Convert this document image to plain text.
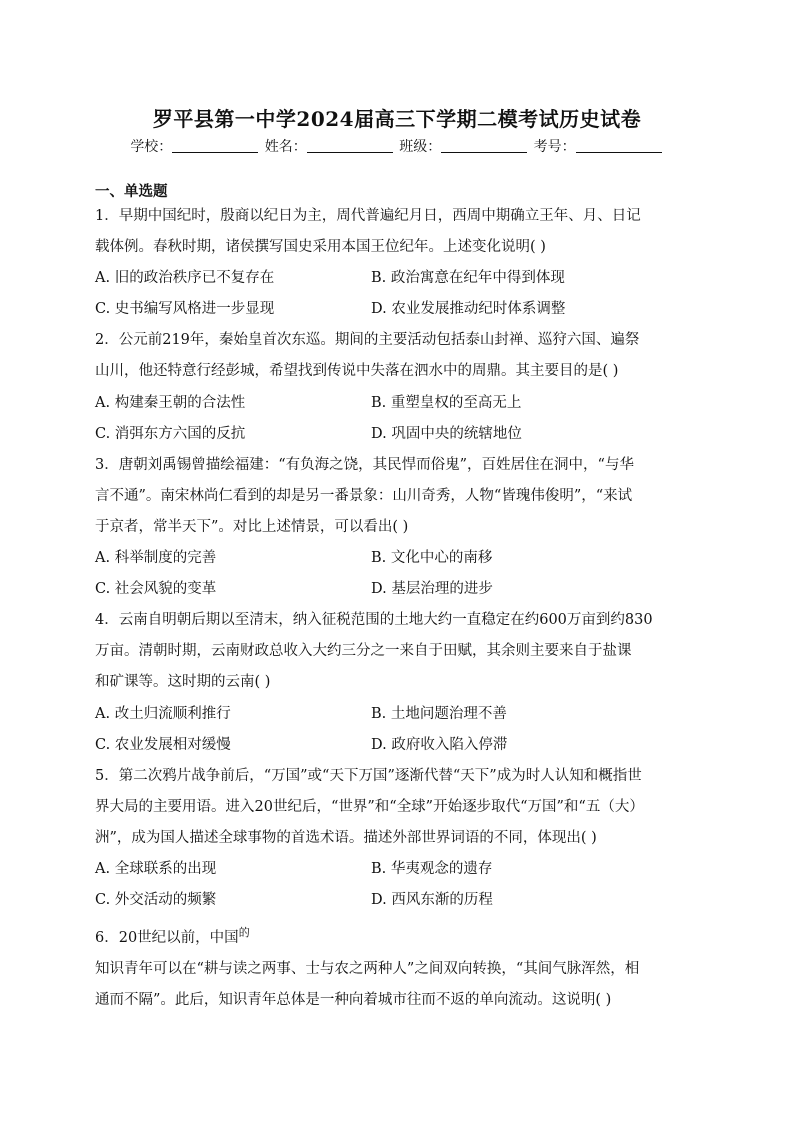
罗平县第一中学2024届高三下学期二模考试历史试卷
学校：	姓名：	班级：	考号：
一、单选题
1．早期中国纪时，殷商以纪日为主，周代普遍纪月日，西周中期确立王年、月、日记
载体例。春秋时期，诸侯撰写国史采用本国王位纪年。上述变化说明( )
A. 旧的政治秩序已不复存在	B. 政治寓意在纪年中得到体现
C. 史书编写风格进一步显现	D. 农业发展推动纪时体系调整
2．公元前219年，秦始皇首次东巡。期间的主要活动包括泰山封禅、巡狩六国、遍祭
山川，他还特意行经彭城，希望找到传说中失落在泗水中的周鼎。其主要目的是( )
A. 构建秦王朝的合法性	B. 重塑皇权的至高无上
C. 消弭东方六国的反抗	D. 巩固中央的统辖地位
3．唐朝刘禹锡曾描绘福建：“有负海之饶，其民悍而俗鬼”，百姓居住在洞中，“与华
言不通”。南宋林尚仁看到的却是另一番景象：山川奇秀，人物“皆瑰伟俊明”，“来试
于京者，常半天下”。对比上述情景，可以看出( )
A. 科举制度的完善	B. 文化中心的南移
C. 社会风貌的变革	D. 基层治理的进步
4．云南自明朝后期以至清末，纳入征税范围的土地大约一直稳定在约600万亩到约830
万亩。清朝时期，云南财政总收入大约三分之一来自于田赋，其余则主要来自于盐课
和矿课等。这时期的云南( )
A. 改土归流顺利推行	B. 土地问题治理不善
C. 农业发展相对缓慢	D. 政府收入陷入停滞
5．第二次鸦片战争前后，“万国”或“天下万国”逐渐代替“天下”成为时人认知和概指世
界大局的主要用语。进入20世纪后，“世界”和“全球”开始逐步取代“万国”和“五（大）
洲”，成为国人描述全球事物的首选术语。描述外部世界词语的不同，体现出( )
A. 全球联系的出现	B. 华夷观念的遗存
C. 外交活动的频繁	D. 西风东渐的历程
6．20世纪以前，中国$^的$
知识青年可以在“耕与读之两事、士与农之两种人”之间双向转换，“其间气脉浑然，相
通而不隔”。此后，知识青年总体是一种向着城市往而不返的单向流动。这说明( )
